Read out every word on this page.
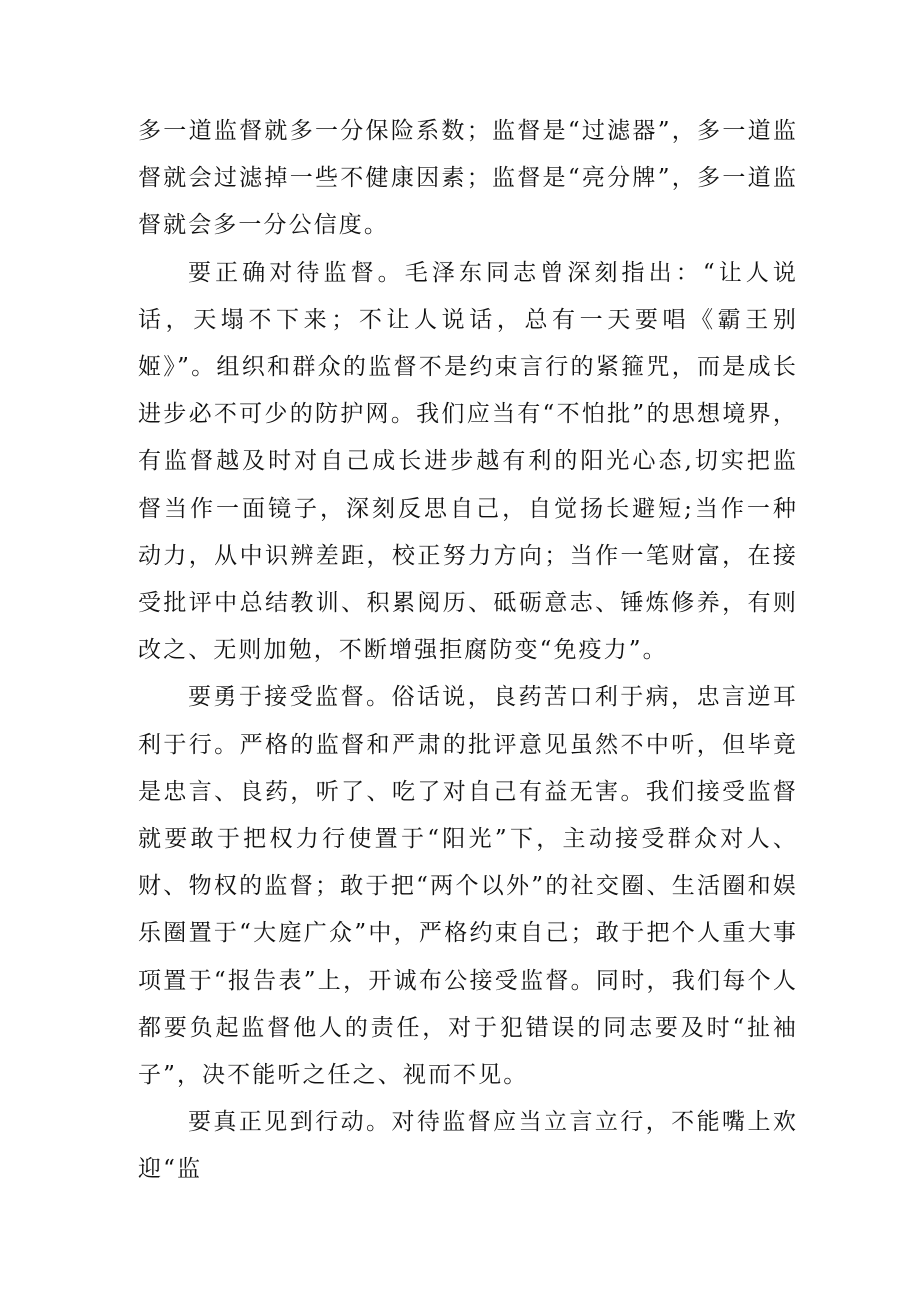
多一道监督就多一分保险系数；监督是“过滤器”，多一道监督就会过滤掉一些不健康因素；监督是“亮分牌”，多一道监督就会多一分公信度。

要正确对待监督。毛泽东同志曾深刻指出：“让人说话，天塌不下来；不让人说话，总有一天要唱《霸王别姬》”。组织和群众的监督不是约束言行的紧箍咒，而是成长进步必不可少的防护网。我们应当有“不怕批”的思想境界，有监督越及时对自己成长进步越有利的阳光心态,切实把监督当作一面镜子，深刻反思自己，自觉扬长避短;当作一种动力，从中识辨差距，校正努力方向；当作一笔财富，在接受批评中总结教训、积累阅历、砥砺意志、锤炼修养，有则改之、无则加勉，不断增强拒腐防变“免疫力”。

要勇于接受监督。俗话说，良药苦口利于病，忠言逆耳利于行。严格的监督和严肃的批评意见虽然不中听，但毕竟是忠言、良药，听了、吃了对自己有益无害。我们接受监督就要敢于把权力行使置于“阳光”下，主动接受群众对人、财、物权的监督；敢于把“两个以外”的社交圈、生活圈和娱乐圈置于“大庭广众”中，严格约束自己；敢于把个人重大事项置于“报告表”上，开诚布公接受监督。同时，我们每个人都要负起监督他人的责任，对于犯错误的同志要及时“扯袖子”，决不能听之任之、视而不见。

要真正见到行动。对待监督应当立言立行，不能嘴上欢迎“监
